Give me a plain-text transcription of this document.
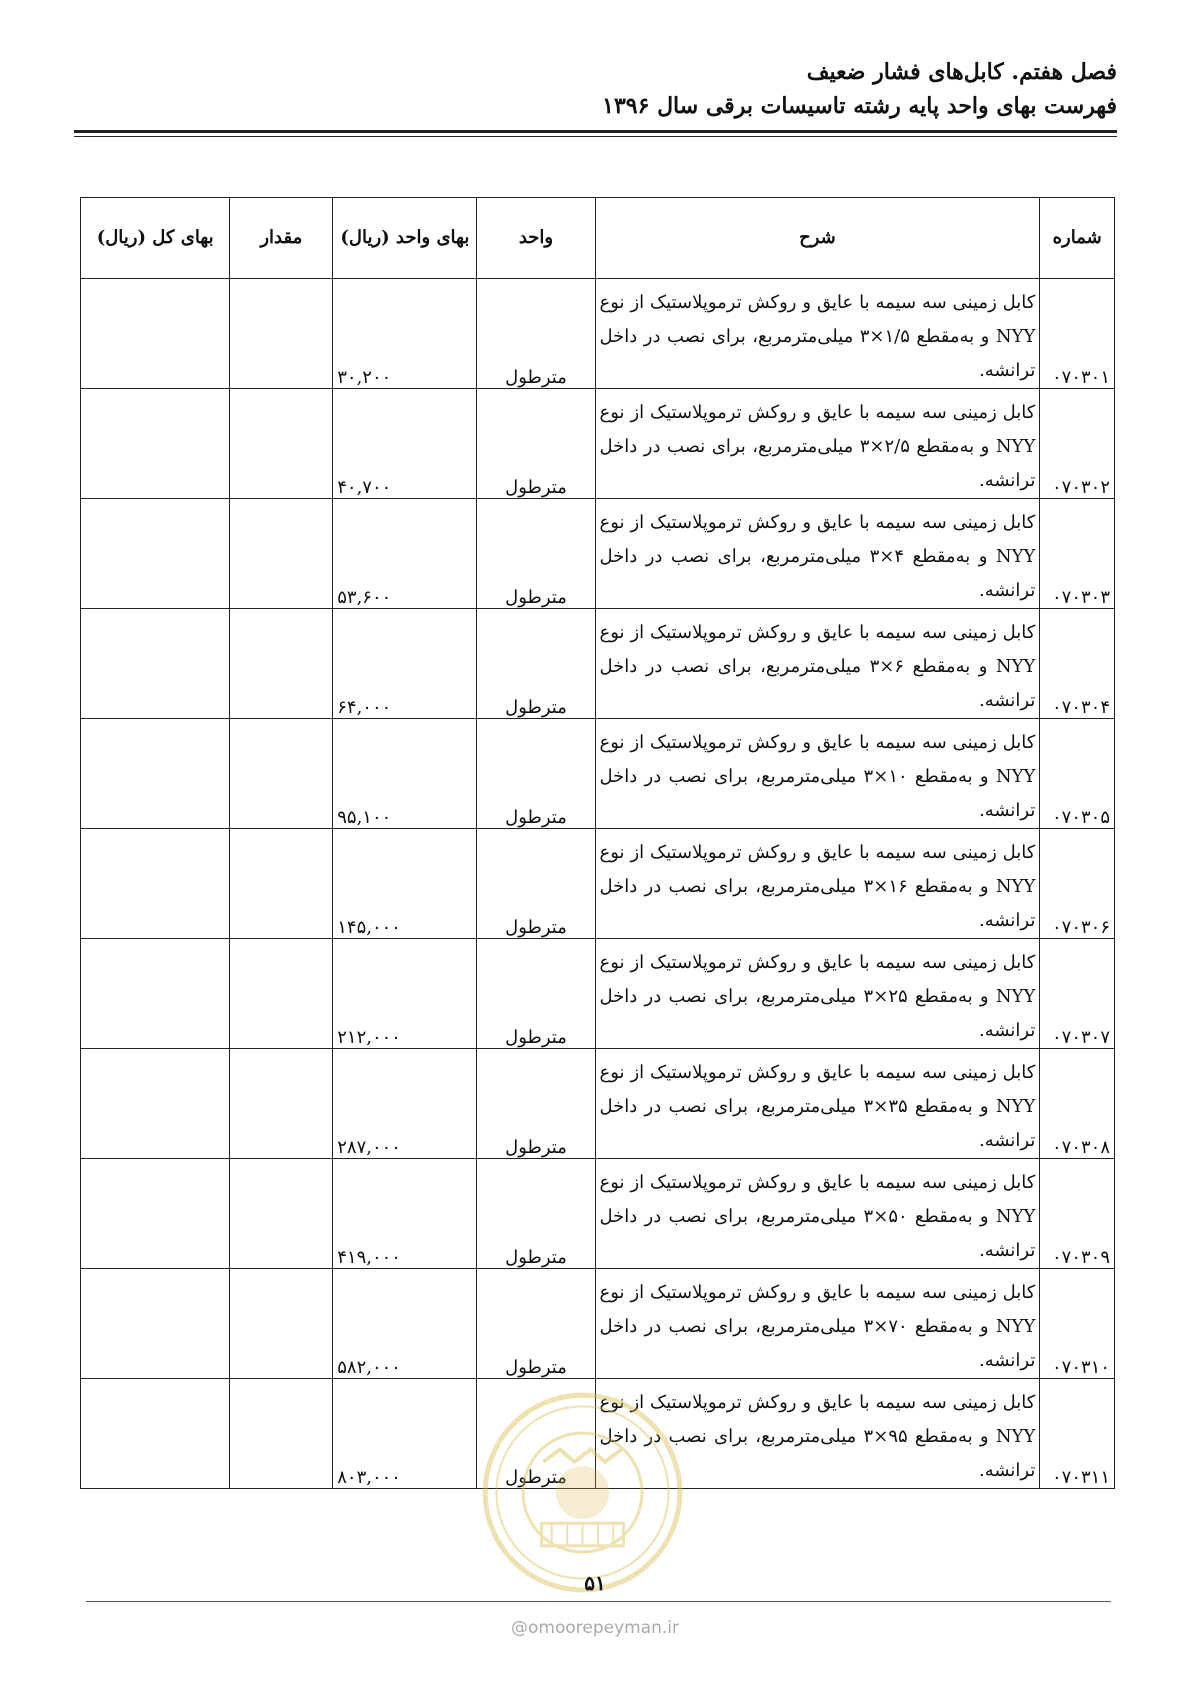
فصل هفتم. کابل‌های فشار ضعیف
فهرست بهای واحد پایه رشته تاسیسات برقی سال ۱۳۹۶
شماره	شرح	واحد	بهای واحد (ریال)	مقدار	بهای کل (ریال)
۰۷۰۳۰۱	کابل زمینی سه سیمه با عایق و روکش ترموپلاستیک از نوع NYY و به‌مقطع ۱/۵×۳ میلی‌مترمربع، برای نصب در داخل ترانشه.	مترطول	۳۰,۲۰۰		
۰۷۰۳۰۲	کابل زمینی سه سیمه با عایق و روکش ترموپلاستیک از نوع NYY و به‌مقطع ۲/۵×۳ میلی‌مترمربع، برای نصب در داخل ترانشه.	مترطول	۴۰,۷۰۰		
۰۷۰۳۰۳	کابل زمینی سه سیمه با عایق و روکش ترموپلاستیک از نوع NYY و به‌مقطع ۴×۳ میلی‌مترمربع، برای نصب در داخل ترانشه.	مترطول	۵۳,۶۰۰		
۰۷۰۳۰۴	کابل زمینی سه سیمه با عایق و روکش ترموپلاستیک از نوع NYY و به‌مقطع ۶×۳ میلی‌مترمربع، برای نصب در داخل ترانشه.	مترطول	۶۴,۰۰۰		
۰۷۰۳۰۵	کابل زمینی سه سیمه با عایق و روکش ترموپلاستیک از نوع NYY و به‌مقطع ۱۰×۳ میلی‌مترمربع، برای نصب در داخل ترانشه.	مترطول	۹۵,۱۰۰		
۰۷۰۳۰۶	کابل زمینی سه سیمه با عایق و روکش ترموپلاستیک از نوع NYY و به‌مقطع ۱۶×۳ میلی‌مترمربع، برای نصب در داخل ترانشه.	مترطول	۱۴۵,۰۰۰		
۰۷۰۳۰۷	کابل زمینی سه سیمه با عایق و روکش ترموپلاستیک از نوع NYY و به‌مقطع ۲۵×۳ میلی‌مترمربع، برای نصب در داخل ترانشه.	مترطول	۲۱۲,۰۰۰		
۰۷۰۳۰۸	کابل زمینی سه سیمه با عایق و روکش ترموپلاستیک از نوع NYY و به‌مقطع ۳۵×۳ میلی‌مترمربع، برای نصب در داخل ترانشه.	مترطول	۲۸۷,۰۰۰		
۰۷۰۳۰۹	کابل زمینی سه سیمه با عایق و روکش ترموپلاستیک از نوع NYY و به‌مقطع ۵۰×۳ میلی‌مترمربع، برای نصب در داخل ترانشه.	مترطول	۴۱۹,۰۰۰		
۰۷۰۳۱۰	کابل زمینی سه سیمه با عایق و روکش ترموپلاستیک از نوع NYY و به‌مقطع ۷۰×۳ میلی‌مترمربع، برای نصب در داخل ترانشه.	مترطول	۵۸۲,۰۰۰		
۰۷۰۳۱۱	کابل زمینی سه سیمه با عایق و روکش ترموپلاستیک از نوع NYY و به‌مقطع ۹۵×۳ میلی‌مترمربع، برای نصب در داخل ترانشه.	مترطول	۸۰۳,۰۰۰		
۵۱
@omoorepeyman.ir
